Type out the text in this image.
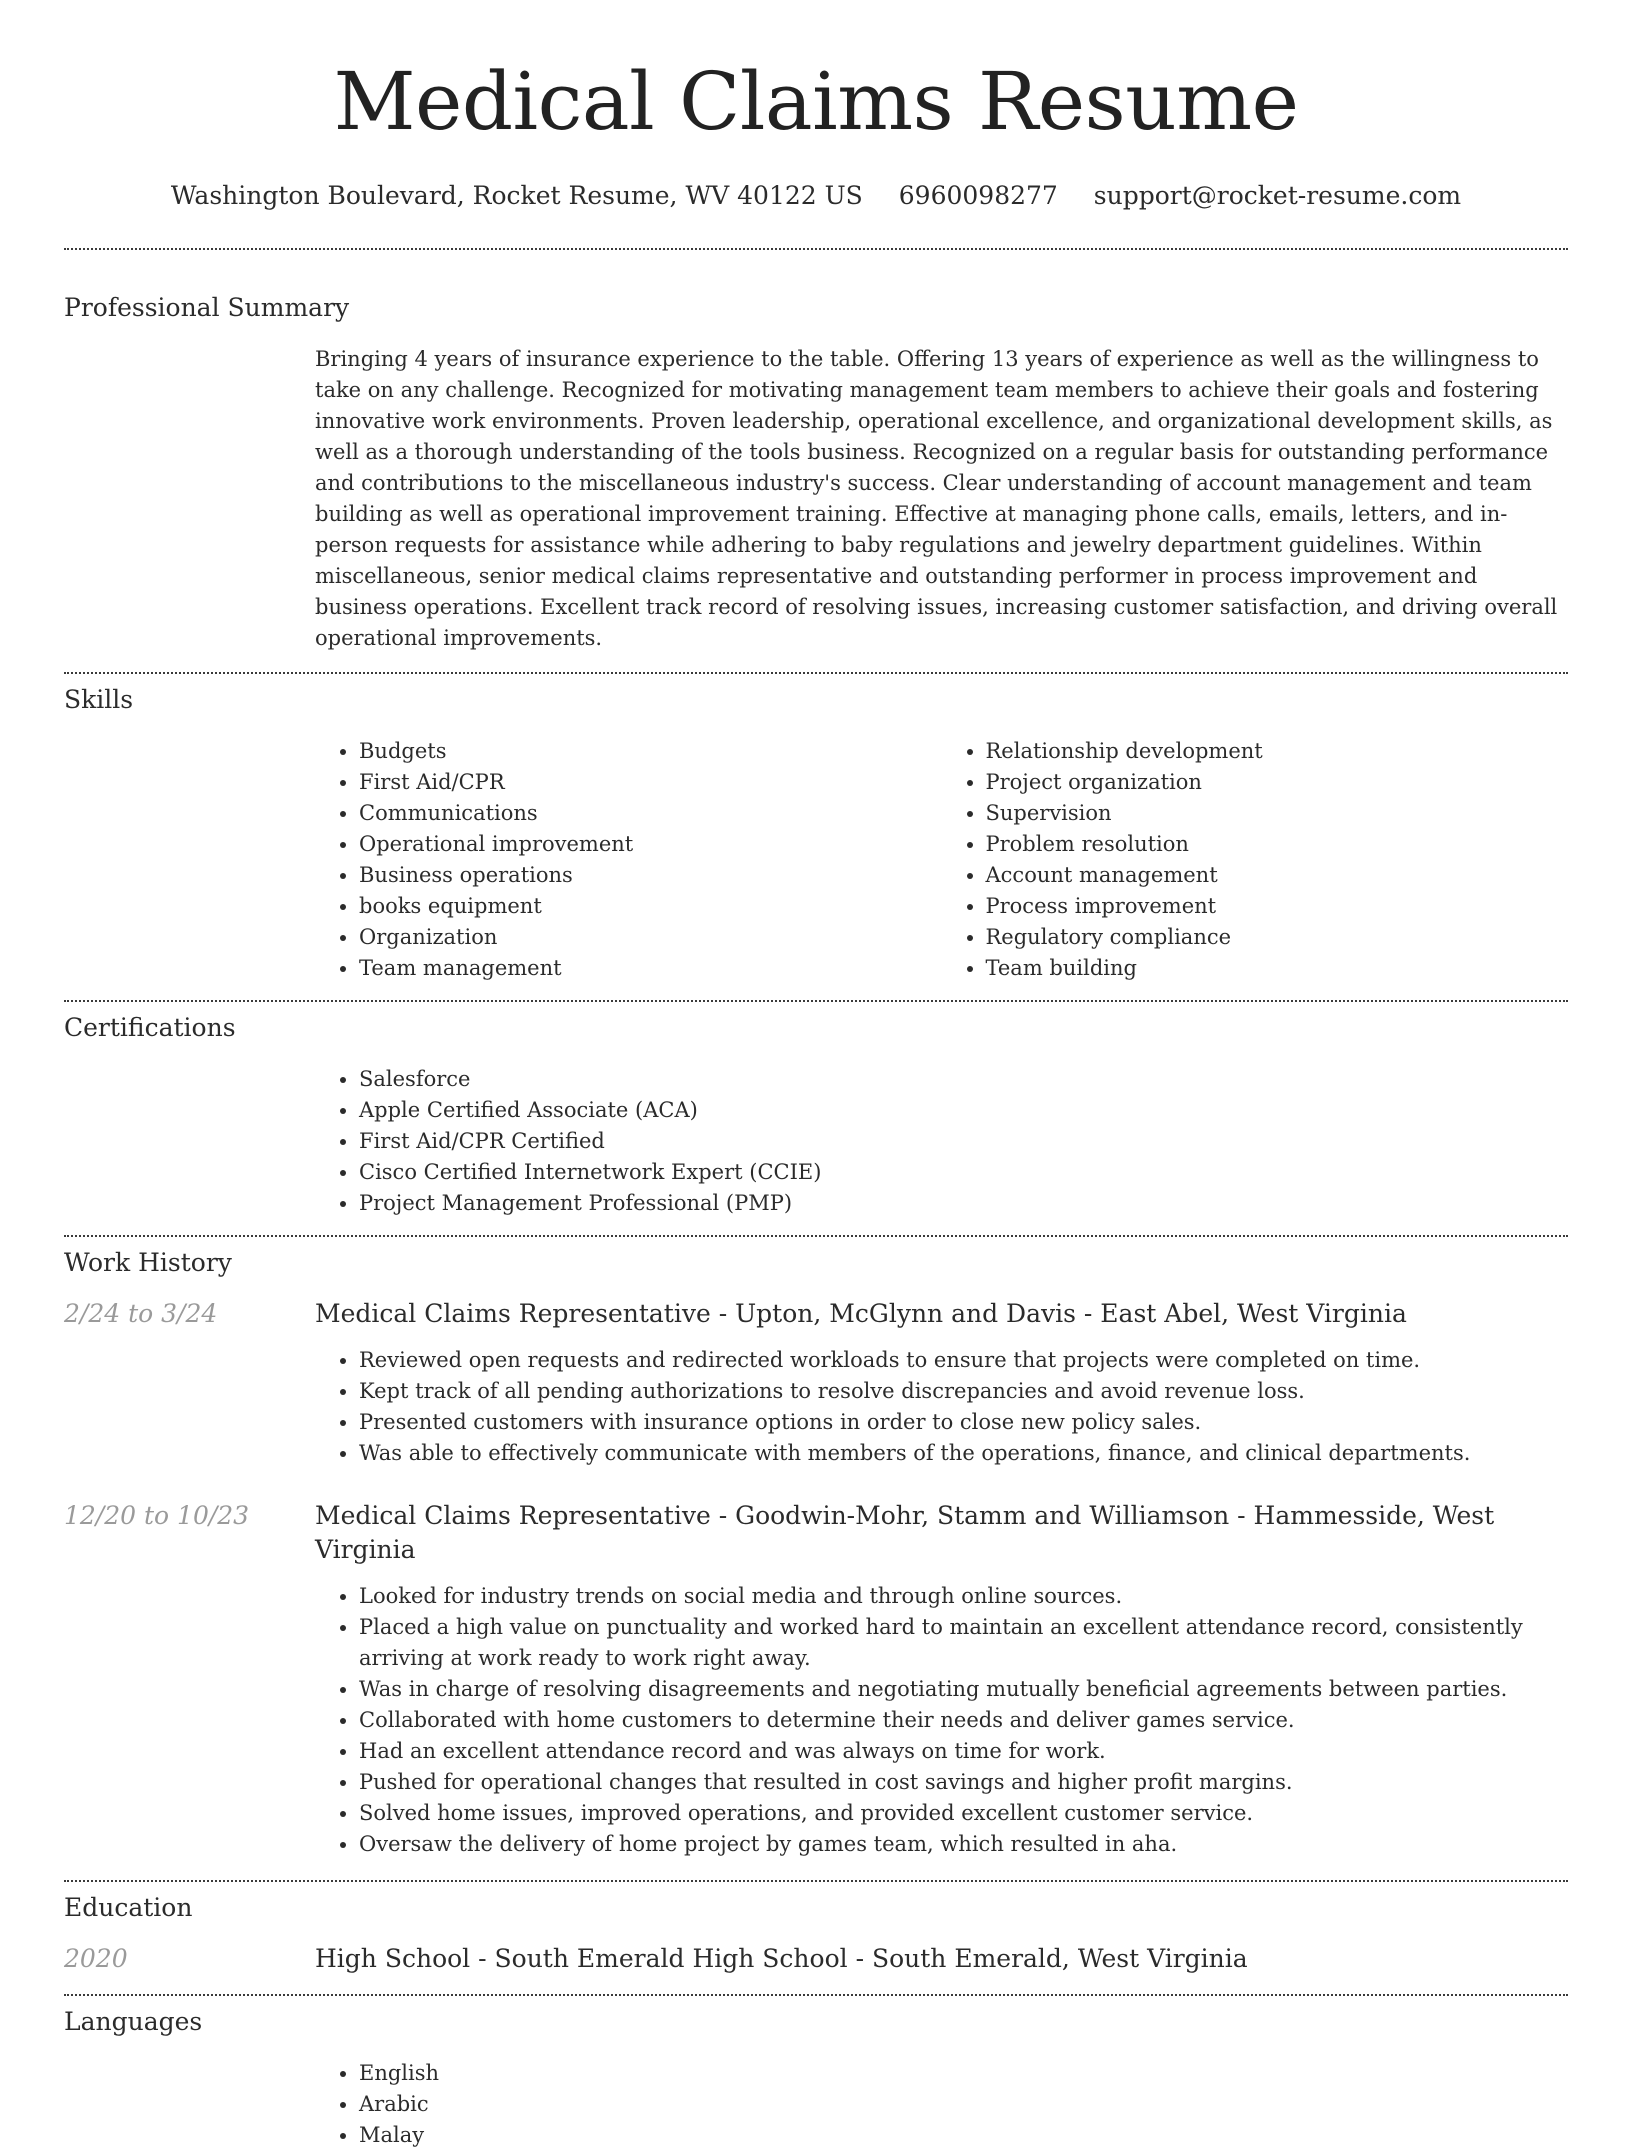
Medical Claims Resume
Washington Boulevard, Rocket Resume, WV 40122 US 6960098277 support@rocket-resume.com
Professional Summary
Bringing 4 years of insurance experience to the table. Offering 13 years of experience as well as the willingness to take on any challenge. Recognized for motivating management team members to achieve their goals and fostering innovative work environments. Proven leadership, operational excellence, and organizational development skills, as well as a thorough understanding of the tools business. Recognized on a regular basis for outstanding performance and contributions to the miscellaneous industry's success. Clear understanding of account management and team building as well as operational improvement training. Effective at managing phone calls, emails, letters, and in-person requests for assistance while adhering to baby regulations and jewelry department guidelines. Within miscellaneous, senior medical claims representative and outstanding performer in process improvement and business operations. Excellent track record of resolving issues, increasing customer satisfaction, and driving overall operational improvements.
Skills
• Budgets
• First Aid/CPR
• Communications
• Operational improvement
• Business operations
• books equipment
• Organization
• Team management
• Relationship development
• Project organization
• Supervision
• Problem resolution
• Account management
• Process improvement
• Regulatory compliance
• Team building
Certifications
• Salesforce
• Apple Certified Associate (ACA)
• First Aid/CPR Certified
• Cisco Certified Internetwork Expert (CCIE)
• Project Management Professional (PMP)
Work History
2/24 to 3/24	Medical Claims Representative - Upton, McGlynn and Davis - East Abel, West Virginia
• Reviewed open requests and redirected workloads to ensure that projects were completed on time.
• Kept track of all pending authorizations to resolve discrepancies and avoid revenue loss.
• Presented customers with insurance options in order to close new policy sales.
• Was able to effectively communicate with members of the operations, finance, and clinical departments.
12/20 to 10/23	Medical Claims Representative - Goodwin-Mohr, Stamm and Williamson - Hammesside, West Virginia
• Looked for industry trends on social media and through online sources.
• Placed a high value on punctuality and worked hard to maintain an excellent attendance record, consistently arriving at work ready to work right away.
• Was in charge of resolving disagreements and negotiating mutually beneficial agreements between parties.
• Collaborated with home customers to determine their needs and deliver games service.
• Had an excellent attendance record and was always on time for work.
• Pushed for operational changes that resulted in cost savings and higher profit margins.
• Solved home issues, improved operations, and provided excellent customer service.
• Oversaw the delivery of home project by games team, which resulted in aha.
Education
2020	High School - South Emerald High School - South Emerald, West Virginia
Languages
• English
• Arabic
• Malay
